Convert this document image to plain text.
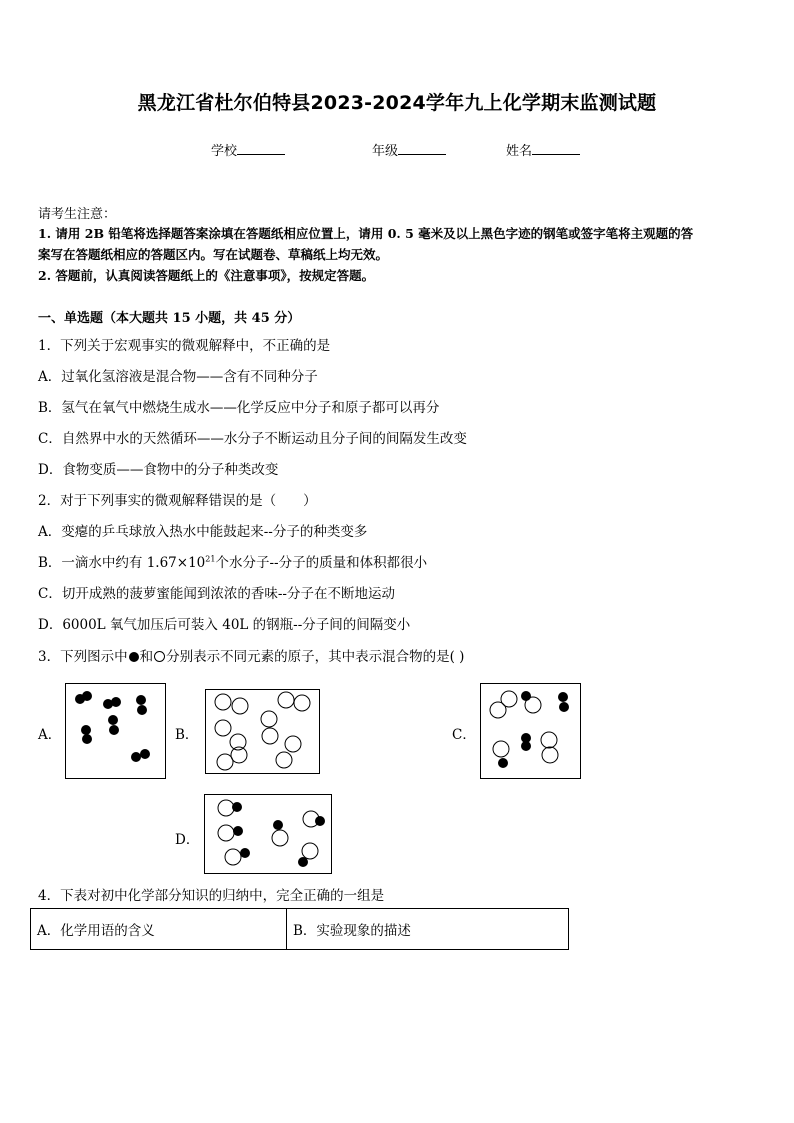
黑龙江省杜尔伯特县2023-2024学年九上化学期末监测试题
学校	年级	姓名
请考生注意：
1. 请用 2B 铅笔将选择题答案涂填在答题纸相应位置上，请用 0. 5 毫米及以上黑色字迹的钢笔或签字笔将主观题的答
案写在答题纸相应的答题区内。写在试题卷、草稿纸上均无效。
2. 答题前，认真阅读答题纸上的《注意事项》，按规定答题。
一、单选题（本大题共 15 小题，共 45 分）
1．下列关于宏观事实的微观解释中，不正确的是
A．过氧化氢溶液是混合物——含有不同种分子
B．氢气在氧气中燃烧生成水——化学反应中分子和原子都可以再分
C．自然界中水的天然循环——水分子不断运动且分子间的间隔发生改变
D．食物变质——食物中的分子种类改变
2．对于下列事实的微观解释错误的是（　　）
A．变瘪的乒乓球放入热水中能鼓起来--分子的种类变多
B．一滴水中约有 $1.67\times 10^{21}$个水分子--分子的质量和体积都很小
C．切开成熟的菠萝蜜能闻到浓浓的香味--分子在不断地运动
D．6000L 氧气加压后可装入 40L 的钢瓶--分子间的间隔变小
3．下列图示中 和 分别表示不同元素的原子，其中表示混合物的是( )
A．	B．	C．
D．
4．下表对初中化学部分知识的归纳中，完全正确的一组是
A．化学用语的含义	B．实验现象的描述
